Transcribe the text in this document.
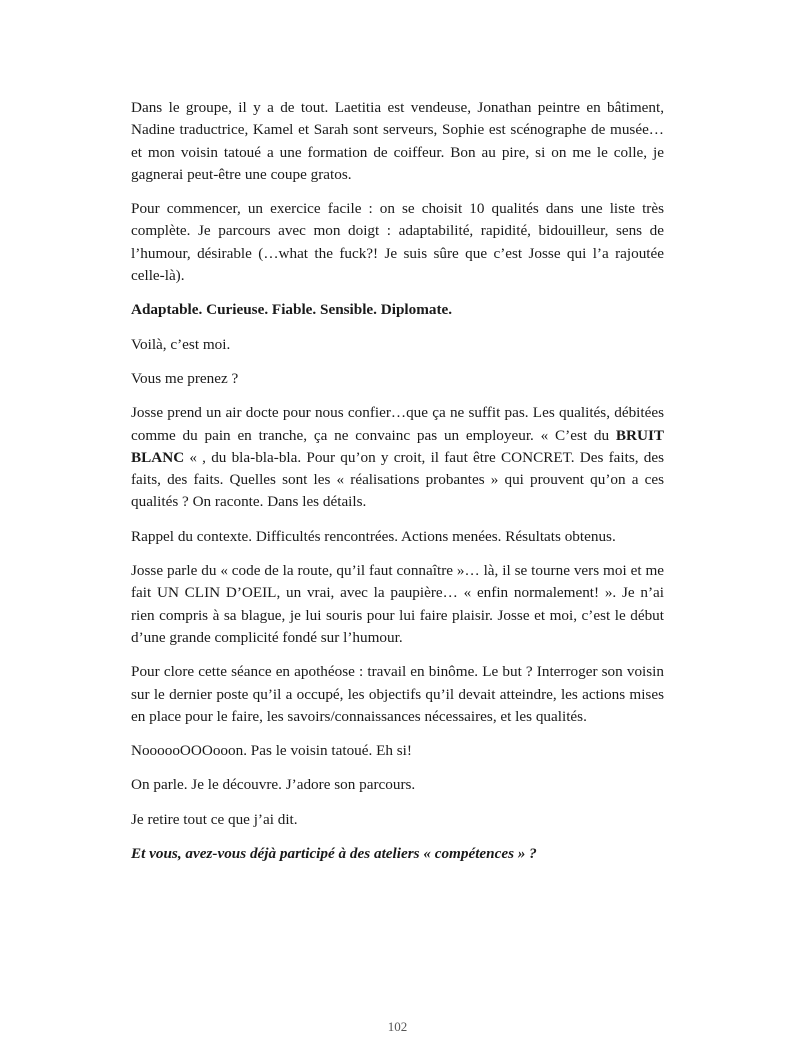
Dans le groupe, il y a de tout. Laetitia est vendeuse, Jonathan peintre en bâtiment, Nadine traductrice, Kamel et Sarah sont serveurs, Sophie est scénographe de musée… et mon voisin tatoué a une formation de coiffeur. Bon au pire, si on me le colle, je gagnerai peut-être une coupe gratos.

Pour commencer, un exercice facile : on se choisit 10 qualités dans une liste très complète. Je parcours avec mon doigt : adaptabilité, rapidité, bidouilleur, sens de l’humour, désirable (…what the fuck?! Je suis sûre que c’est Josse qui l’a rajoutée celle-là).

Adaptable. Curieuse. Fiable. Sensible. Diplomate.

Voilà, c’est moi.

Vous me prenez ?

Josse prend un air docte pour nous confier…que ça ne suffit pas. Les qualités, débitées comme du pain en tranche, ça ne convainc pas un employeur. « C’est du BRUIT BLANC « , du bla-bla-bla. Pour qu’on y croit, il faut être CONCRET. Des faits, des faits, des faits. Quelles sont les « réalisations probantes » qui prouvent qu’on a ces qualités ? On raconte. Dans les détails.

Rappel du contexte. Difficultés rencontrées. Actions menées. Résultats obtenus.

Josse parle du « code de la route, qu’il faut connaître »… là, il se tourne vers moi et me fait UN CLIN D’OEIL, un vrai, avec la paupière… « enfin normalement! ». Je n’ai rien compris à sa blague, je lui souris pour lui faire plaisir. Josse et moi, c’est le début d’une grande complicité fondé sur l’humour.

Pour clore cette séance en apothéose : travail en binôme. Le but ? Interroger son voisin sur le dernier poste qu’il a occupé, les objectifs qu’il devait atteindre, les actions mises en place pour le faire, les savoirs/connaissances nécessaires, et les qualités.

NoooooOOOooon. Pas le voisin tatoué. Eh si!

On parle. Je le découvre. J’adore son parcours.

Je retire tout ce que j’ai dit.

Et vous, avez-vous déjà participé à des ateliers « compétences » ?

102
